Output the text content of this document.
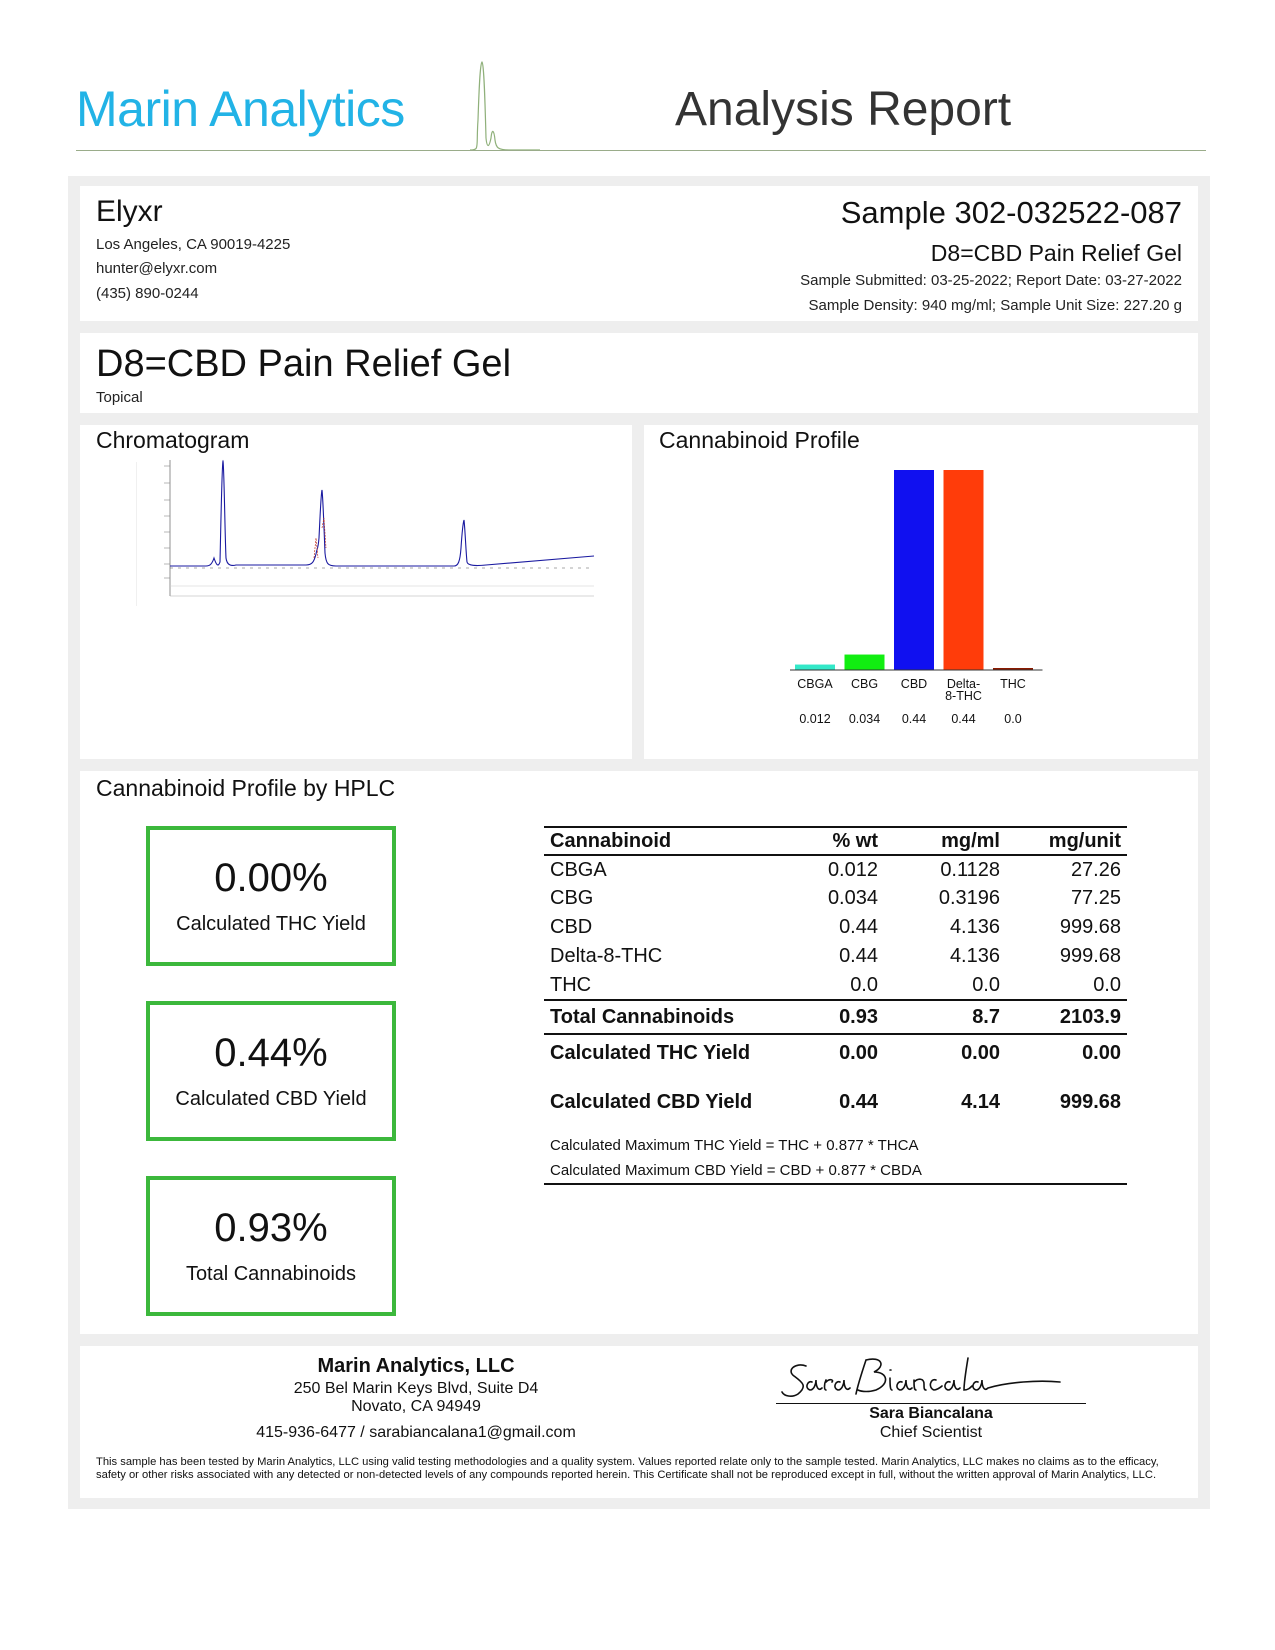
Marin Analytics	Analysis Report
Elyxr
Los Angeles, CA 90019-4225
hunter@elyxr.com
(435) 890-0244
Sample 302-032522-087
D8=CBD Pain Relief Gel
Sample Submitted: 03-25-2022; Report Date: 03-27-2022
Sample Density: 940 mg/ml; Sample Unit Size: 227.20 g
D8=CBD Pain Relief Gel
Topical
Chromatogram	Cannabinoid Profile
CBGA
0.012
CBG
0.034
CBD
0.44
Delta-
8-THC
0.44
THC
0.0
Cannabinoid Profile by HPLC
0.00%
Calculated THC Yield
0.44%
Calculated CBD Yield
0.93%
Total Cannabinoids
Cannabinoid	% wt	mg/ml	mg/unit
CBGA	0.012	0.1128	27.26
CBG	0.034	0.3196	77.25
CBD	0.44	4.136	999.68
Delta-8-THC	0.44	4.136	999.68
THC	0.0	0.0	0.0
Total Cannabinoids	0.93	8.7	2103.9
Calculated THC Yield	0.00	0.00	0.00
Calculated CBD Yield	0.44	4.14	999.68
Calculated Maximum THC Yield = THC + 0.877 * THCA			
Calculated Maximum CBD Yield = CBD + 0.877 * CBDA			
Marin Analytics, LLC
250 Bel Marin Keys Blvd, Suite D4
Novato, CA 94949
415-936-6477 / sarabiancalana1@gmail.com
Sara Biancalana
Chief Scientist
This sample has been tested by Marin Analytics, LLC using valid testing methodologies and a quality system. Values reported relate only to the sample tested. Marin Analytics, LLC makes no claims as to the efficacy, safety or other risks associated with any detected or non-detected levels of any compounds reported herein. This Certificate shall not be reproduced except in full, without the written approval of Marin Analytics, LLC.
